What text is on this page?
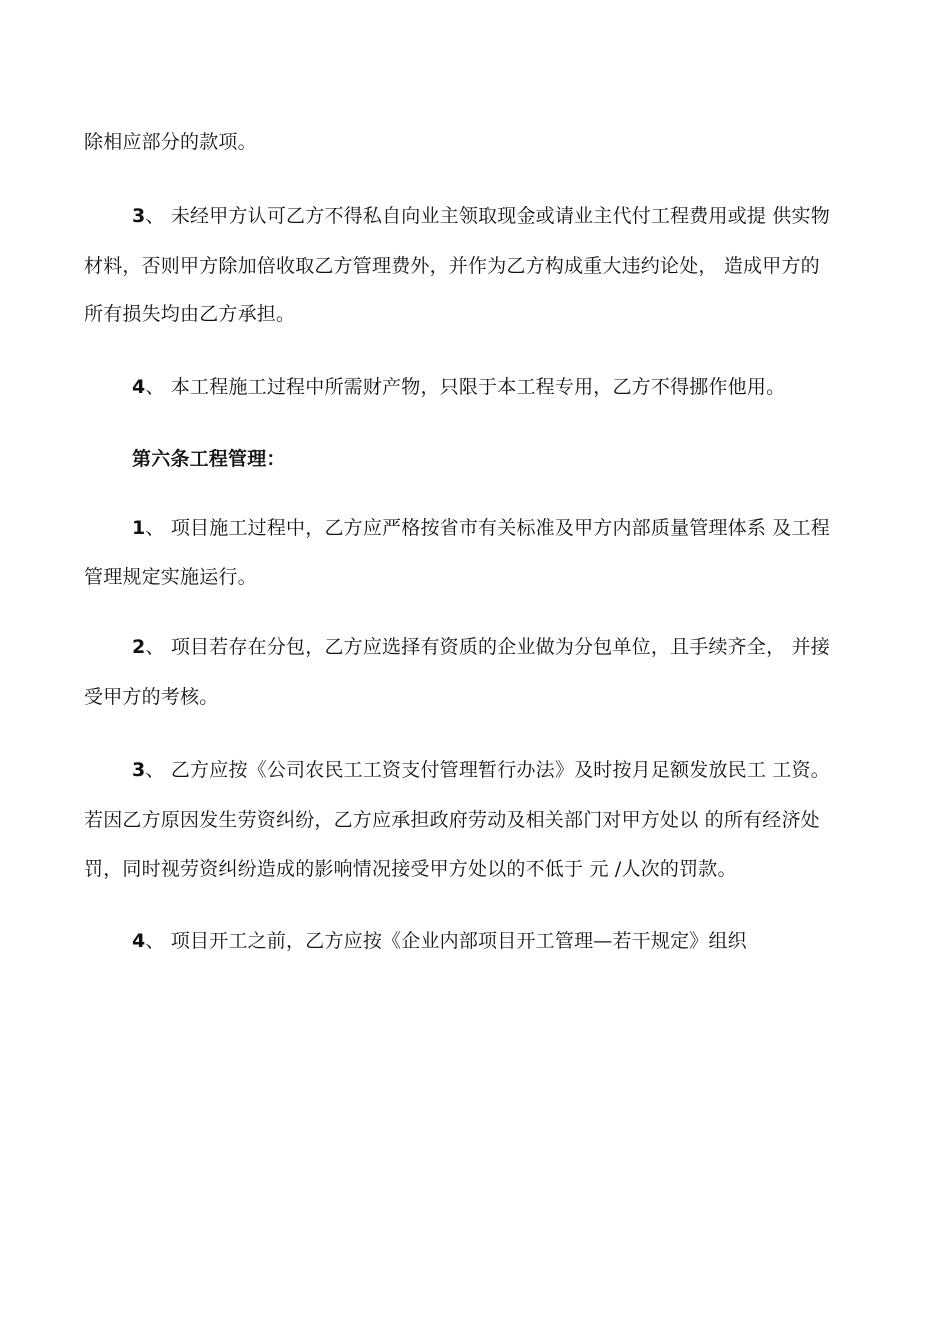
除相应部分的款项。
3、 未经甲方认可乙方不得私自向业主领取现金或请业主代付工程费用或提 供实物
材料，否则甲方除加倍收取乙方管理费外，并作为乙方构成重大违约论处， 造成甲方的
所有损失均由乙方承担。
4、 本工程施工过程中所需财产物，只限于本工程专用，乙方不得挪作他用。
第六条工程管理：
1、 项目施工过程中，乙方应严格按省市有关标准及甲方内部质量管理体系 及工程
管理规定实施运行。
2、 项目若存在分包，乙方应选择有资质的企业做为分包单位，且手续齐全， 并接
受甲方的考核。
3、 乙方应按《公司农民工工资支付管理暂行办法》及时按月足额发放民工 工资。
若因乙方原因发生劳资纠纷，乙方应承担政府劳动及相关部门对甲方处以 的所有经济处
罚，同时视劳资纠纷造成的影响情况接受甲方处以的不低于 元 /人次的罚款。
4、 项目开工之前，乙方应按《企业内部项目开工管理—若干规定》组织
